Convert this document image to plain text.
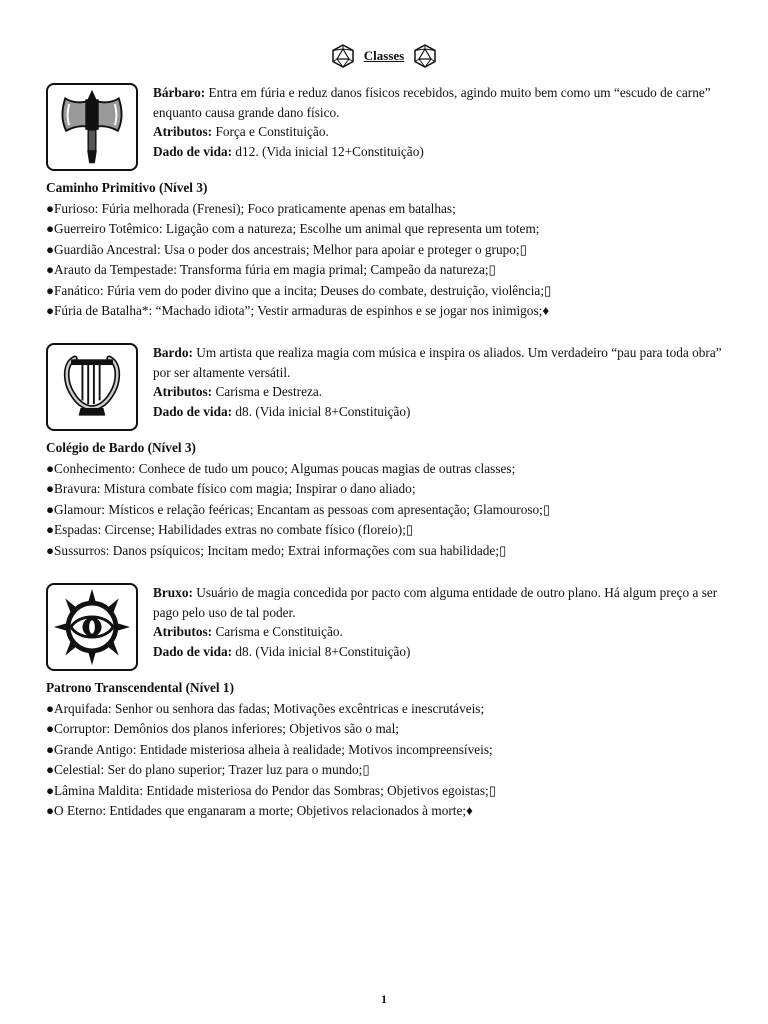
Classes
Bárbaro: Entra em fúria e reduz danos físicos recebidos, agindo muito bem como um “escudo de carne” enquanto causa grande dano físico.
Atributos: Força e Constituição.
Dado de vida: d12. (Vida inicial 12+Constituição)
Caminho Primitivo (Nível 3)
●Furioso: Fúria melhorada (Frenesi); Foco praticamente apenas em batalhas;
●Guerreiro Totêmico: Ligação com a natureza; Escolhe um animal que representa um totem;
●Guardião Ancestral: Usa o poder dos ancestrais; Melhor para apoiar e proteger o grupo;▯
●Arauto da Tempestade: Transforma fúria em magia primal; Campeão da natureza;▯
●Fanático: Fúria vem do poder divino que a incita; Deuses do combate, destruição, violência;▯
●Fúria de Batalha*: “Machado idiota”; Vestir armaduras de espinhos e se jogar nos inimigos;♦
Bardo: Um artista que realiza magia com música e inspira os aliados. Um verdadeiro “pau para toda obra” por ser altamente versátil.
Atributos: Carisma e Destreza.
Dado de vida: d8. (Vida inicial 8+Constituição)
Colégio de Bardo (Nível 3)
●Conhecimento: Conhece de tudo um pouco; Algumas poucas magias de outras classes;
●Bravura: Mistura combate físico com magia; Inspirar o dano aliado;
●Glamour: Místicos e relação feéricas; Encantam as pessoas com apresentação; Glamouroso;▯
●Espadas: Circense; Habilidades extras no combate físico (floreio);▯
●Sussurros: Danos psíquicos; Incitam medo; Extrai informações com sua habilidade;▯
Bruxo: Usuário de magia concedida por pacto com alguma entidade de outro plano. Há algum preço a ser pago pelo uso de tal poder.
Atributos: Carisma e Constituição.
Dado de vida: d8. (Vida inicial 8+Constituição)
Patrono Transcendental (Nível 1)
●Arquifada: Senhor ou senhora das fadas; Motivações excêntricas e inescrutáveis;
●Corruptor: Demônios dos planos inferiores; Objetivos são o mal;
●Grande Antigo: Entidade misteriosa alheia à realidade; Motivos incompreensíveis;
●Celestial: Ser do plano superior; Trazer luz para o mundo;▯
●Lâmina Maldita: Entidade misteriosa do Pendor das Sombras; Objetivos egoistas;▯
●O Eterno: Entidades que enganaram a morte; Objetivos relacionados à morte;♦
1
